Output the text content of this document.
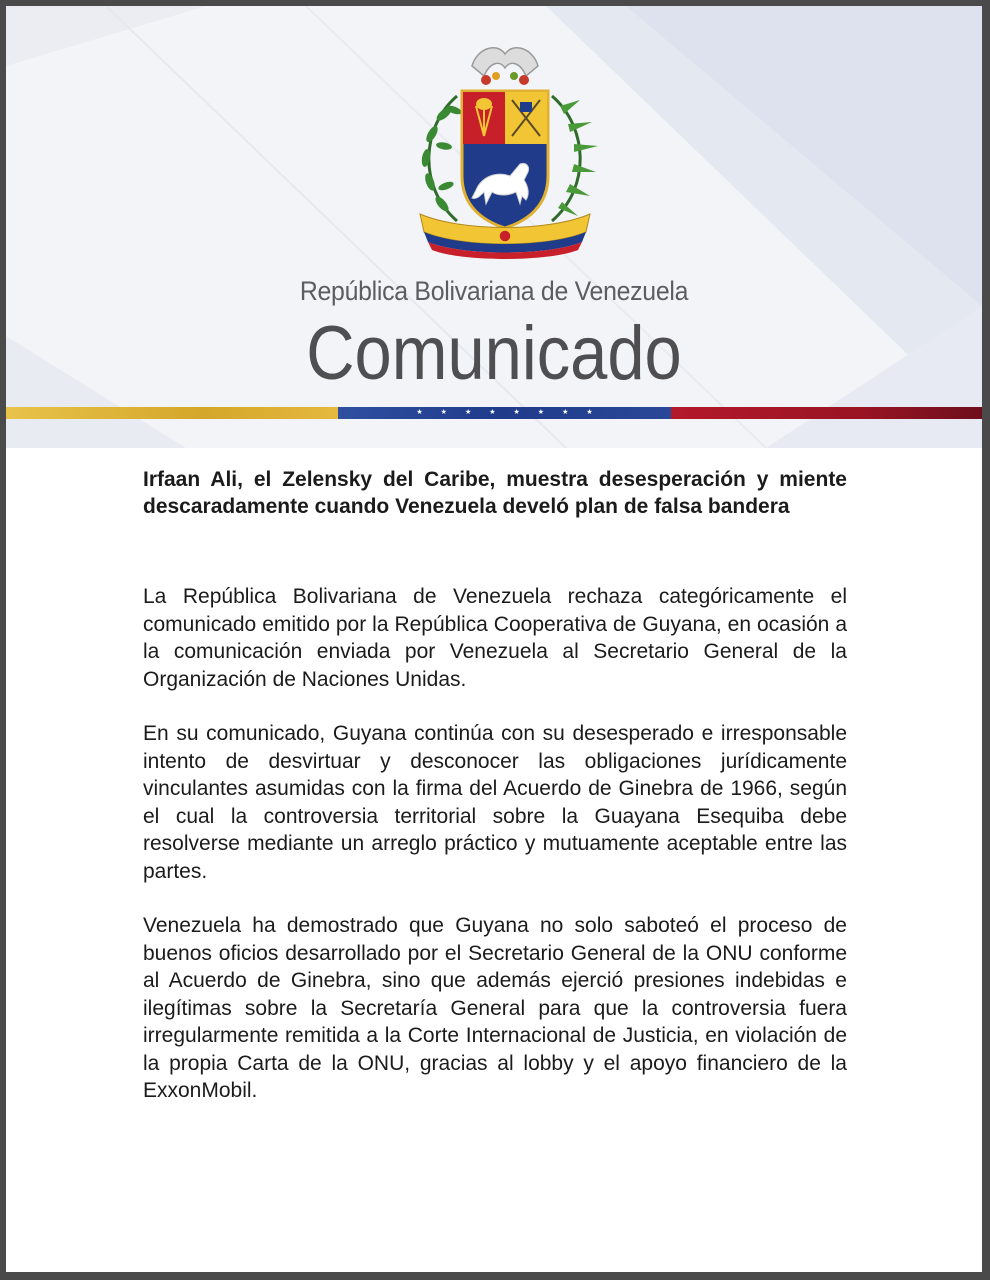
República Bolivariana de Venezuela
Comunicado
★	★	★	★	★	★	★	★

Irfaan Ali, el Zelensky del Caribe, muestra desesperación y miente descaradamente cuando Venezuela develó plan de falsa bandera

La República Bolivariana de Venezuela rechaza categóricamente el comunicado emitido por la República Cooperativa de Guyana, en ocasión a la comunicación enviada por Venezuela al Secretario General de la Organización de Naciones Unidas.

En su comunicado, Guyana continúa con su desesperado e irresponsable intento de desvirtuar y desconocer las obligaciones jurídicamente vinculantes asumidas con la firma del Acuerdo de Ginebra de 1966, según el cual la controversia territorial sobre la Guayana Esequiba debe resolverse mediante un arreglo práctico y mutuamente aceptable entre las partes.

Venezuela ha demostrado que Guyana no solo saboteó el proceso de buenos oficios desarrollado por el Secretario General de la ONU conforme al Acuerdo de Ginebra, sino que además ejerció presiones indebidas e ilegítimas sobre la Secretaría General para que la controversia fuera irregularmente remitida a la Corte Internacional de Justicia, en violación de la propia Carta de la ONU, gracias al lobby y el apoyo financiero de la ExxonMobil.
